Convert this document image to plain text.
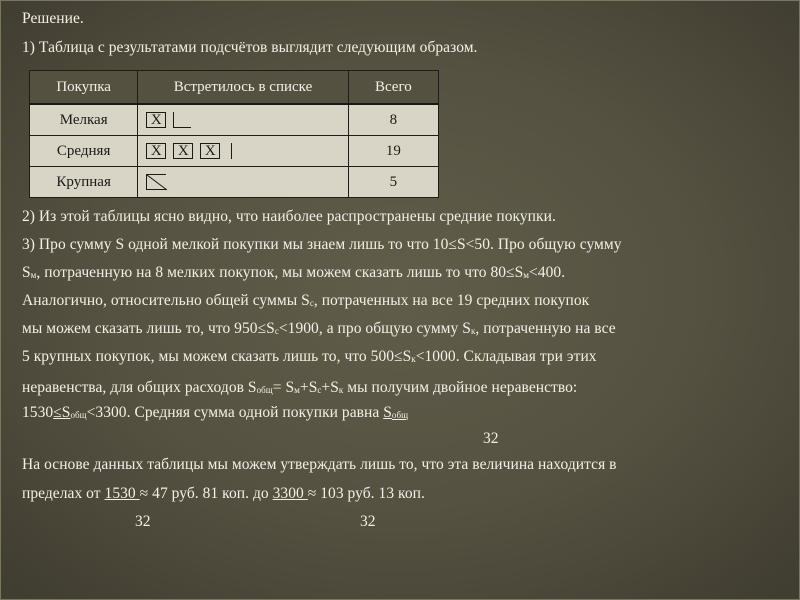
Решение.
1) Таблица с результатами подсчётов выглядит следующим образом.
Покупка	Встретилось в списке	Всего
Мелкая	X	8
Средняя	X X X	19
Крупная		5
2) Из этой таблицы ясно видно, что наиболее распространены средние покупки.
3) Про сумму S одной мелкой покупки мы знаем лишь то что 10≤S<50. Про общую сумму
Sм, потраченную на 8 мелких покупок, мы можем сказать лишь то что 80≤Sм<400.
Аналогично, относительно общей суммы Sс, потраченных на все 19 средних покупок
мы можем сказать лишь то, что 950≤Sс<1900, а про общую сумму Sк, потраченную на все
5 крупных покупок, мы можем сказать лишь то, что 500≤Sк<1000. Складывая три этих
неравенства, для общих расходов Sобщ= Sм+Sс+Sк мы получим двойное неравенство:
1530≤Sобщ<3300. Средняя сумма одной покупки равна Sобщ
32
На основе данных таблицы мы можем утверждать лишь то, что эта величина находится в
пределах от 1530 ≈ 47 руб. 81 коп. до 3300 ≈ 103 руб. 13 коп.
32	32
